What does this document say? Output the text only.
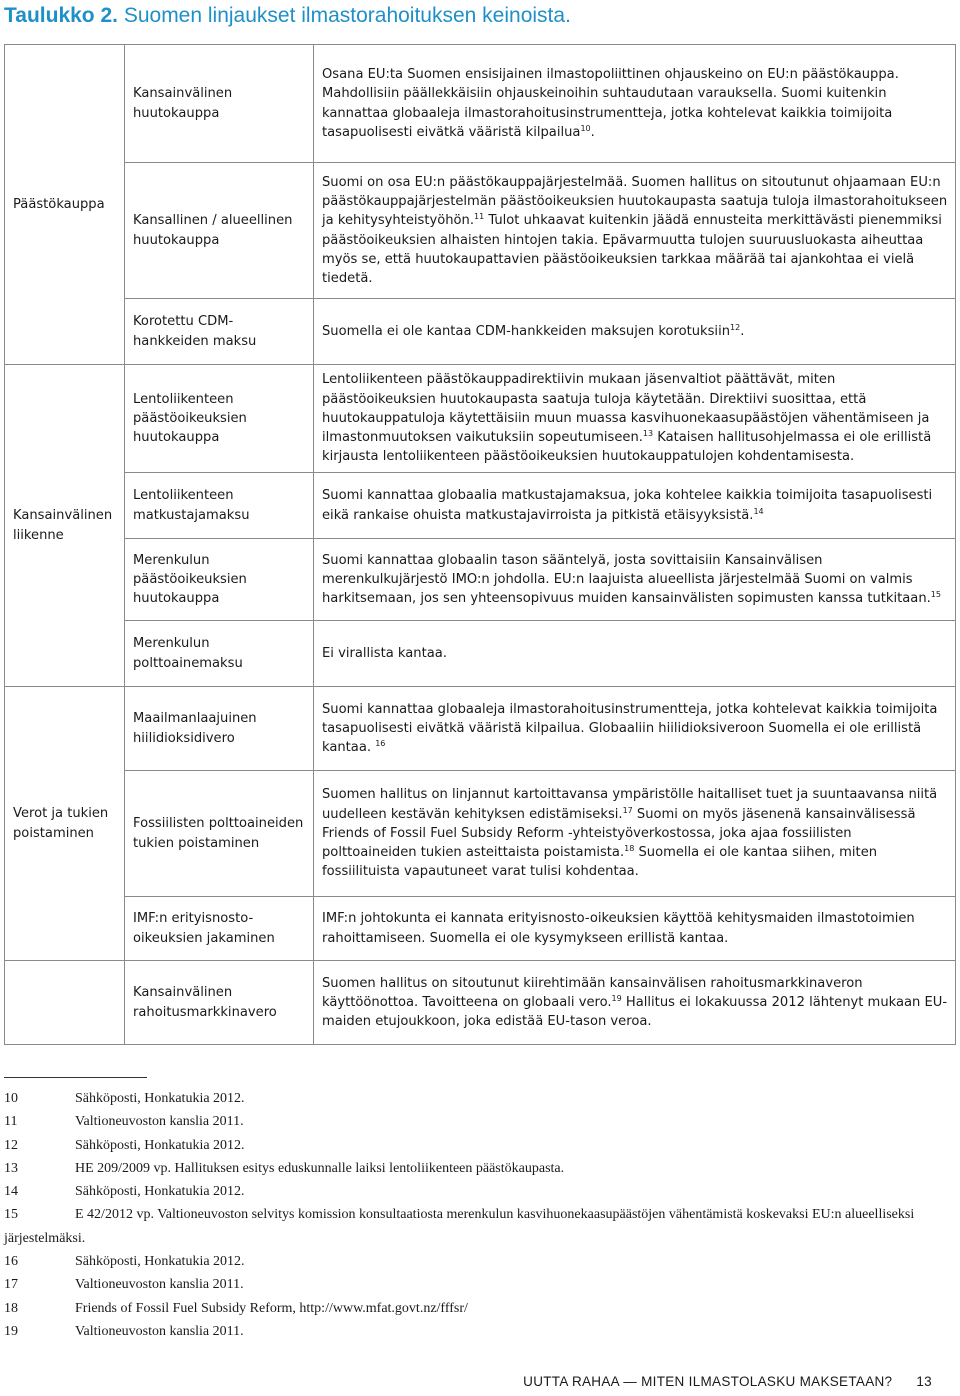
Taulukko 2. Suomen linjaukset ilmastorahoituksen keinoista.
Päästökauppa	Kansainvälinen huutokauppa	Osana EU:ta Suomen ensisijainen ilmastopoliittinen ohjauskeino on EU:n päästökauppa. Mahdollisiin päällekkäisiin ohjauskeinoihin suhtaudutaan varauksella. Suomi kuitenkin kannattaa globaaleja ilmastorahoitusinstrumentteja, jotka kohtelevat kaikkia toimijoita tasapuolisesti eivätkä vääristä kilpailua$^{10}$.
	Kansallinen / alueellinen huutokauppa	Suomi on osa EU:n päästökauppajärjestelmää. Suomen hallitus on sitoutunut ohjaamaan EU:n päästökauppajärjestelmän päästöoikeuksien huutokaupasta saatuja tuloja ilmastorahoitukseen ja kehitysyhteistyöhön.$^{11}$ Tulot uhkaavat kuitenkin jäädä ennusteita merkittävästi pienemmiksi päästöoikeuksien alhaisten hintojen takia. Epävarmuutta tulojen suuruusluokasta aiheuttaa myös se, että huutokaupattavien päästöoikeuksien tarkkaa määrää tai ajankohtaa ei vielä tiedetä.
	Korotettu CDM-hankkeiden maksu	Suomella ei ole kantaa CDM-hankkeiden maksujen korotuksiin$^{12}$.
Kansainvälinen liikenne	Lentoliikenteen päästöoikeuksien huutokauppa	Lentoliikenteen päästökauppadirektiivin mukaan jäsenvaltiot päättävät, miten päästöoikeuksien huutokaupasta saatuja tuloja käytetään. Direktiivi suosittaa, että huutokauppatuloja käytettäisiin muun muassa kasvihuonekaasupäästöjen vähentämiseen ja ilmastonmuutoksen vaikutuksiin sopeutumiseen.$^{13}$ Kataisen hallitusohjelmassa ei ole erillistä kirjausta lentoliikenteen päästöoikeuksien huutokauppatulojen kohdentamisesta.
	Lentoliikenteen matkustajamaksu	Suomi kannattaa globaalia matkustajamaksua, joka kohtelee kaikkia toimijoita tasapuolisesti eikä rankaise ohuista matkustajavirroista ja pitkistä etäisyyksistä.$^{14}$
	Merenkulun päästöoikeuksien huutokauppa	Suomi kannattaa globaalin tason sääntelyä, josta sovittaisiin Kansainvälisen merenkulkujärjestö IMO:n johdolla. EU:n laajuista alueellista järjestelmää Suomi on valmis harkitsemaan, jos sen yhteensopivuus muiden kansainvälisten sopimusten kanssa tutkitaan.$^{15}$
	Merenkulun polttoainemaksu	Ei virallista kantaa.
Verot ja tukien poistaminen	Maailmanlaajuinen hiilidioksidivero	Suomi kannattaa globaaleja ilmastorahoitusinstrumentteja, jotka kohtelevat kaikkia toimijoita tasapuolisesti eivätkä vääristä kilpailua. Globaaliin hiilidioksiveroon Suomella ei ole erillistä kantaa. $^{16}$
	Fossiilisten polttoaineiden tukien poistaminen	Suomen hallitus on linjannut kartoittavansa ympäristölle haitalliset tuet ja suuntaavansa niitä uudelleen kestävän kehityksen edistämiseksi.$^{17}$ Suomi on myös jäsenenä kansainvälisessä Friends of Fossil Fuel Subsidy Reform -yhteistyöverkostossa, joka ajaa fossiilisten polttoaineiden tukien asteittaista poistamista.$^{18}$ Suomella ei ole kantaa siihen, miten fossiilituista vapautuneet varat tulisi kohdentaa.
	IMF:n erityisnosto-oikeuksien jakaminen	IMF:n johtokunta ei kannata erityisnosto-oikeuksien käyttöä kehitysmaiden ilmastotoimien rahoittamiseen. Suomella ei ole kysymykseen erillistä kantaa.
	Kansainvälinen rahoitusmarkkinavero	Suomen hallitus on sitoutunut kiirehtimään kansainvälisen rahoitusmarkkinaveron käyttöönottoa. Tavoitteena on globaali vero.$^{19}$ Hallitus ei lokakuussa 2012 lähtenyt mukaan EU-maiden etujoukkoon, joka edistää EU-tason veroa.
10	Sähköposti, Honkatukia 2012.
11	Valtioneuvoston kanslia 2011.
12	Sähköposti, Honkatukia 2012.
13	HE 209/2009 vp. Hallituksen esitys eduskunnalle laiksi lentoliikenteen päästökaupasta.
14	Sähköposti, Honkatukia 2012.
15	E 42/2012 vp. Valtioneuvoston selvitys komission konsultaatiosta merenkulun kasvihuonekaasupäästöjen vähentämistä koskevaksi EU:n alueelliseksi järjestelmäksi.
16	Sähköposti, Honkatukia 2012.
17	Valtioneuvoston kanslia 2011.
18	Friends of Fossil Fuel Subsidy Reform, http://www.mfat.govt.nz/fffsr/
19	Valtioneuvoston kanslia 2011.
UUTTA RAHAA — MITEN ILMASTOLASKU MAKSETAAN? 13
